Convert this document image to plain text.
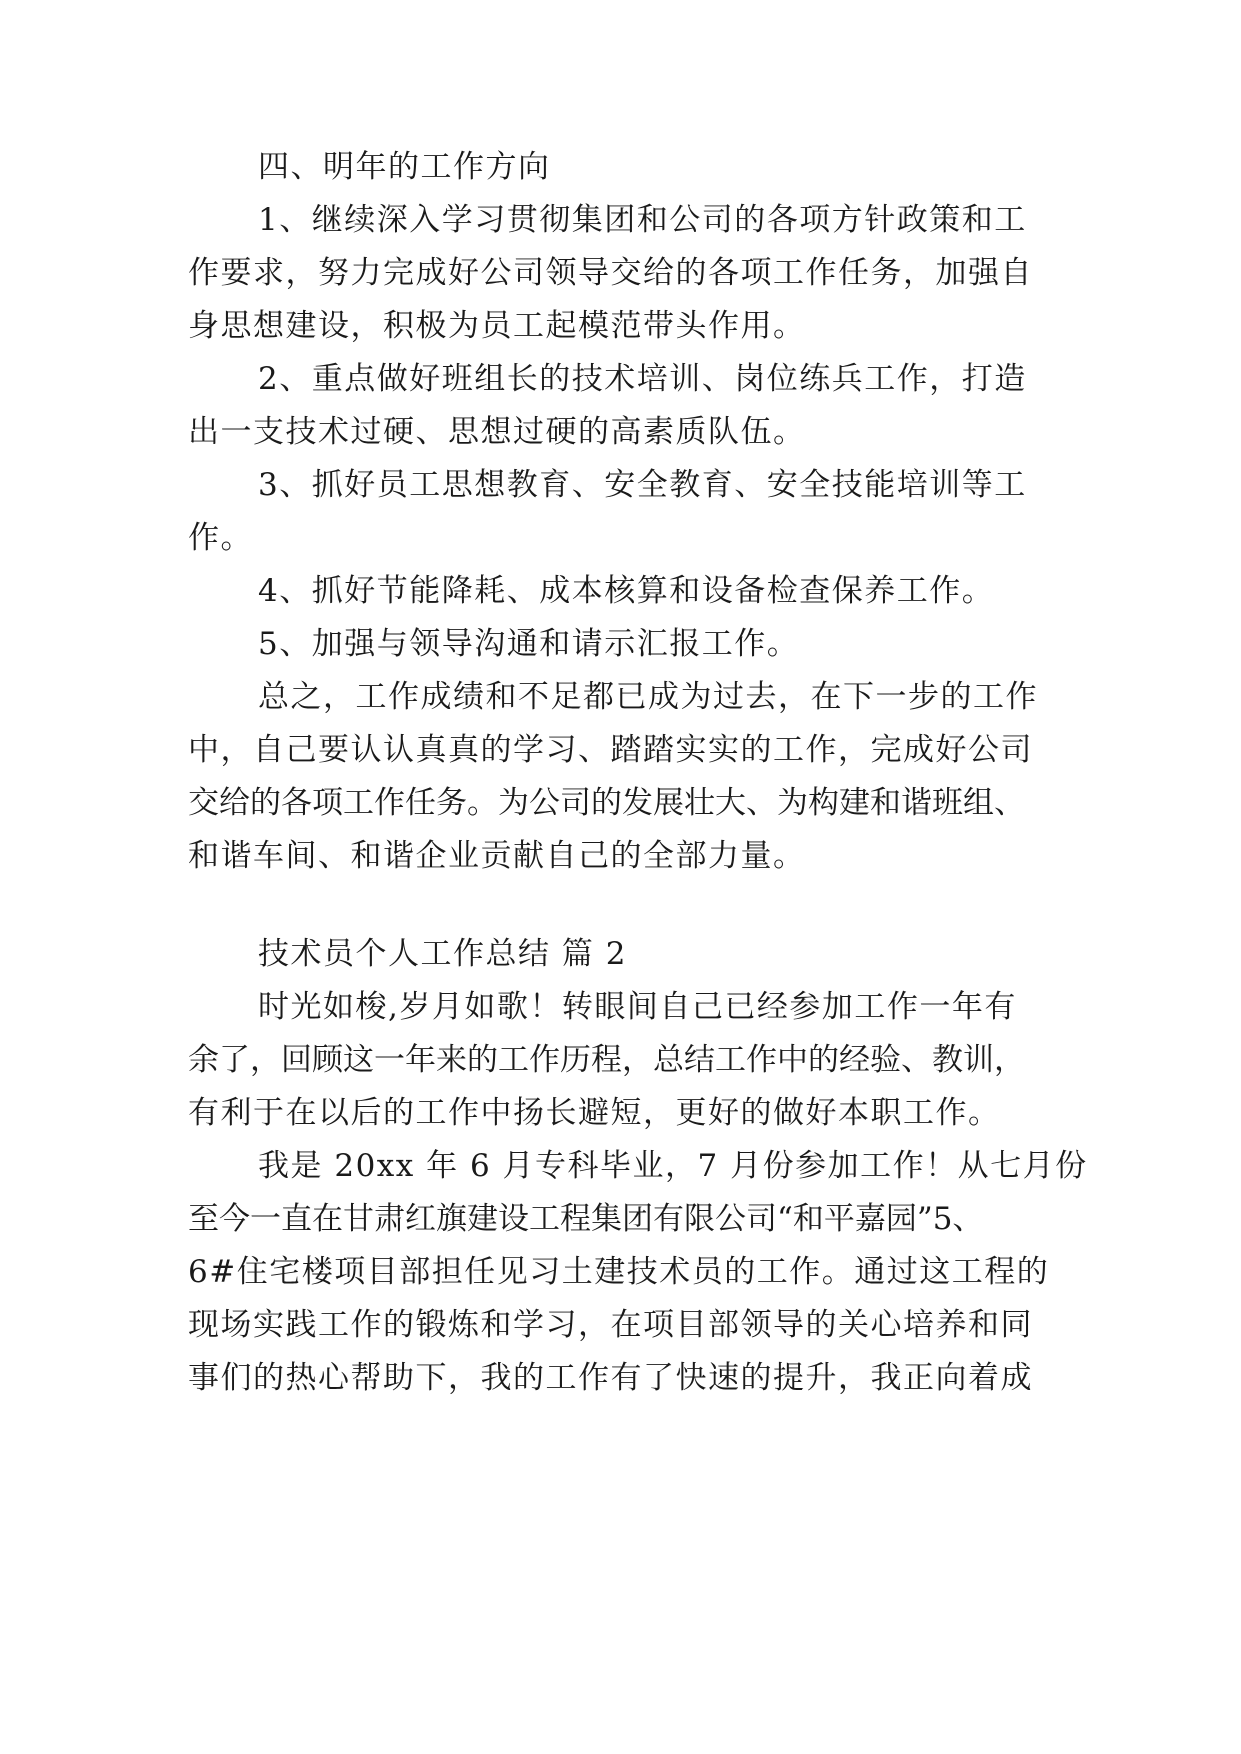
四、明年的工作方向
1、继续深入学习贯彻集团和公司的各项方针政策和工
作要求，努力完成好公司领导交给的各项工作任务，加强自
身思想建设，积极为员工起模范带头作用。
2、重点做好班组长的技术培训、岗位练兵工作，打造
出一支技术过硬、思想过硬的高素质队伍。
3、抓好员工思想教育、安全教育、安全技能培训等工
作。
4、抓好节能降耗、成本核算和设备检查保养工作。
5、加强与领导沟通和请示汇报工作。
总之，工作成绩和不足都已成为过去，在下一步的工作
中，自己要认认真真的学习、踏踏实实的工作，完成好公司
交给的各项工作任务。为公司的发展壮大、为构建和谐班组、
和谐车间、和谐企业贡献自己的全部力量。
技术员个人工作总结 篇 2
时光如梭,岁月如歌！转眼间自己已经参加工作一年有
余了，回顾这一年来的工作历程，总结工作中的经验、教训，
有利于在以后的工作中扬长避短，更好的做好本职工作。
我是 20xx 年 6 月专科毕业，7 月份参加工作！从七月份
至今一直在甘肃红旗建设工程集团有限公司“和平嘉园”5、
6#住宅楼项目部担任见习土建技术员的工作。通过这工程的
现场实践工作的锻炼和学习，在项目部领导的关心培养和同
事们的热心帮助下，我的工作有了快速的提升，我正向着成
